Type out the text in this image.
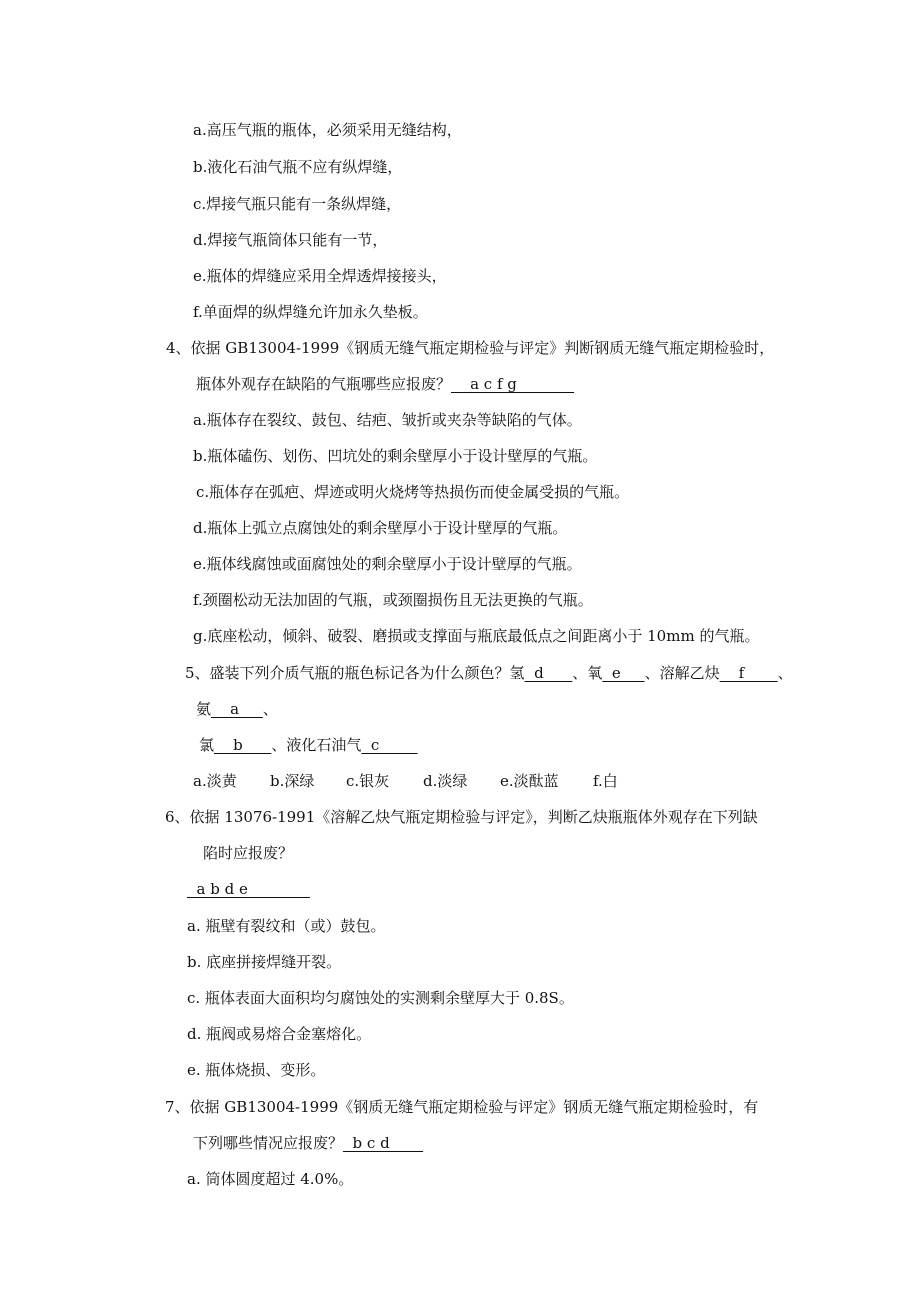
a.高压气瓶的瓶体，必须采用无缝结构，
b.液化石油气瓶不应有纵焊缝，
c.焊接气瓶只能有一条纵焊缝，
d.焊接气瓶筒体只能有一节，
e.瓶体的焊缝应采用全焊透焊接接头，
f.单面焊的纵焊缝允许加永久垫板。
4、依据 GB13004-1999《钢质无缝气瓶定期检验与评定》判断钢质无缝气瓶定期检验时，
瓶体外观存在缺陷的气瓶哪些应报废？    a c f g
a.瓶体存在裂纹、鼓包、结疤、皱折或夹杂等缺陷的气体。
b.瓶体磕伤、划伤、凹坑处的剩余壁厚小于设计壁厚的气瓶。
c.瓶体存在弧疤、焊迹或明火烧烤等热损伤而使金属受损的气瓶。
d.瓶体上弧立点腐蚀处的剩余壁厚小于设计壁厚的气瓶。
e.瓶体线腐蚀或面腐蚀处的剩余壁厚小于设计壁厚的气瓶。
f.颈圈松动无法加固的气瓶，或颈圈损伤且无法更换的气瓶。
g.底座松动，倾斜、破裂、磨损或支撑面与瓶底最低点之间距离小于 10mm 的气瓶。
5、盛装下列介质气瓶的瓶色标记各为什么颜色？氢  d      、氧  e     、溶解乙炔    f       、
氨    a     、
氯    b      、液化石油气  c
a.淡黄 b.深绿 c.银灰 d.淡绿 e.淡酞蓝 f.白
6、依据 13076-1991《溶解乙炔气瓶定期检验与评定》，判断乙炔瓶瓶体外观存在下列缺
陷时应报废？
a b d e
a. 瓶壁有裂纹和（或）鼓包。
b. 底座拼接焊缝开裂。
c. 瓶体表面大面积均匀腐蚀处的实测剩余壁厚大于 0.8S。
d. 瓶阀或易熔合金塞熔化。
e. 瓶体烧损、变形。
7、依据 GB13004-1999《钢质无缝气瓶定期检验与评定》钢质无缝气瓶定期检验时，有
下列哪些情况应报废？  b c d
a. 筒体圆度超过 4.0%。
